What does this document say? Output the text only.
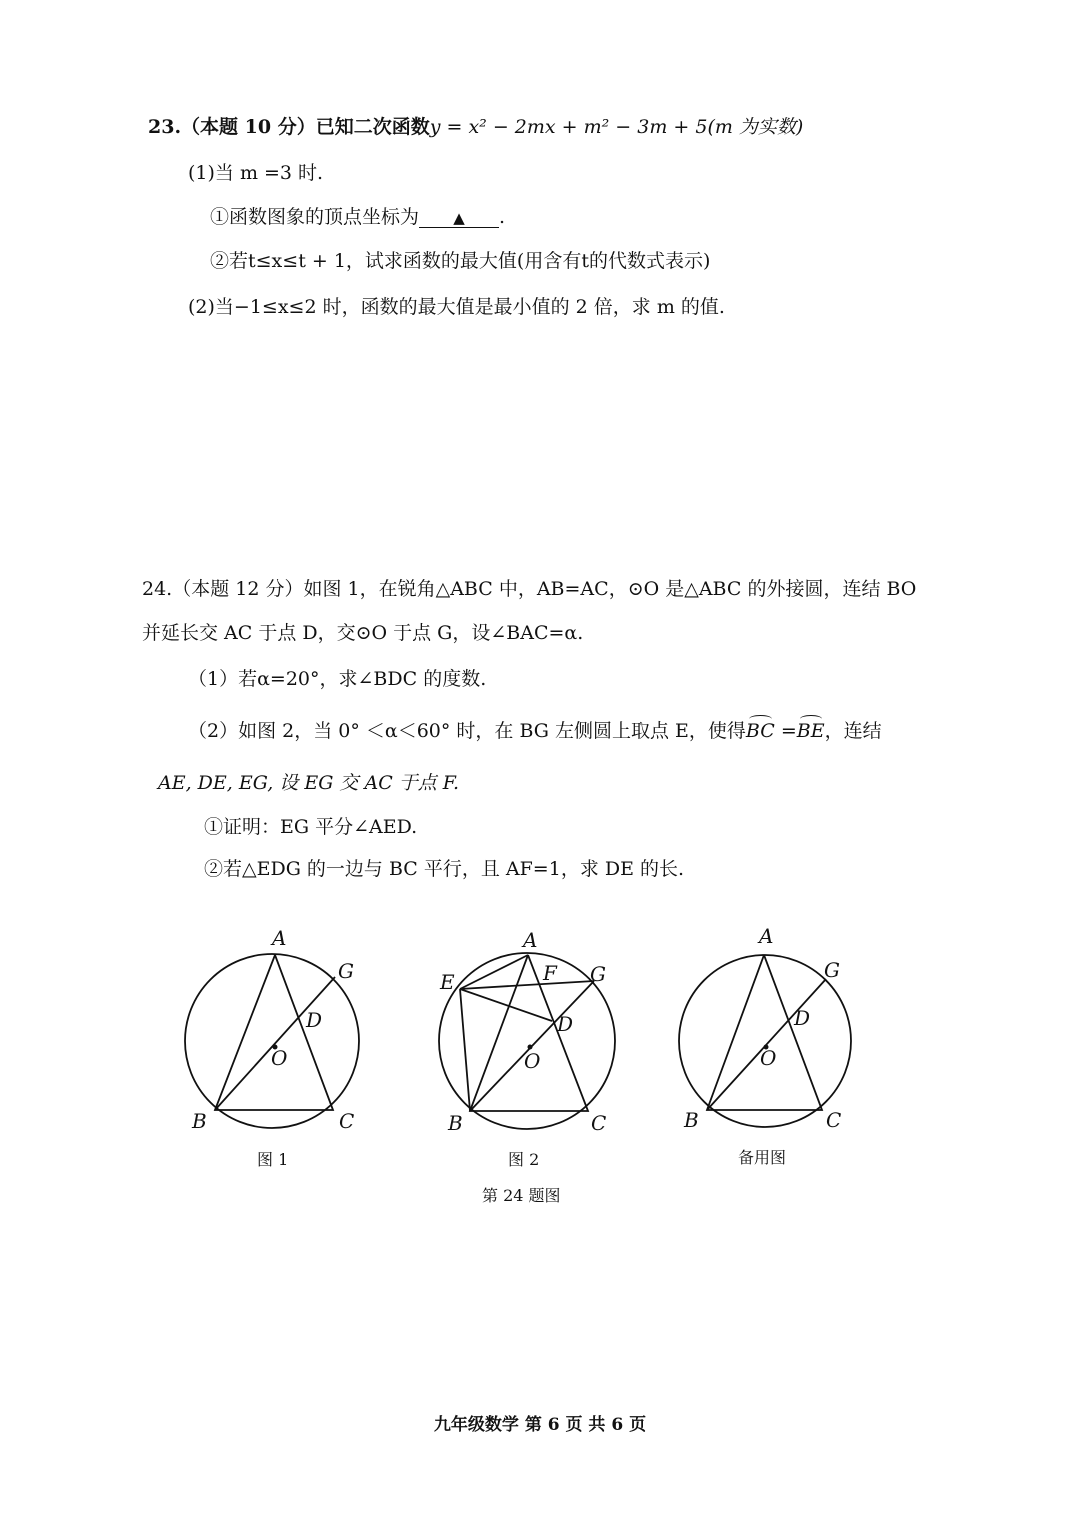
23.（本题 10 分）已知二次函数y = x² − 2mx + m² − 3m + 5(m 为实数)
(1)当 m =3 时.
①函数图象的顶点坐标为 ▲ .
②若t≤x≤t + 1，试求函数的最大值(用含有t的代数式表示)
(2)当−1≤x≤2 时，函数的最大值是最小值的 2 倍，求 m 的值.
24.（本题 12 分）如图 1，在锐角△ABC 中，AB=AC，⊙O 是△ABC 的外接圆，连结 BO
并延长交 AC 于点 D，交⊙O 于点 G，设∠BAC=α.
（1）若α=20°，求∠BDC 的度数.
（2）如图 2，当 0° ＜α＜60° 时，在 BG 左侧圆上取点 E，使得BC =BE，连结
AE, DE, EG, 设 EG 交 AC 于点 F.
①证明：EG 平分∠AED.
②若△EDG 的一边与 BC 平行，且 AF=1，求 DE 的长.
A
G
D
O
B	C
图 1
A
E	F G
D
O
B	C
图 2
A
G
D
O
B	C
备用图
第 24 题图
九年级数学 第 6 页 共 6 页
